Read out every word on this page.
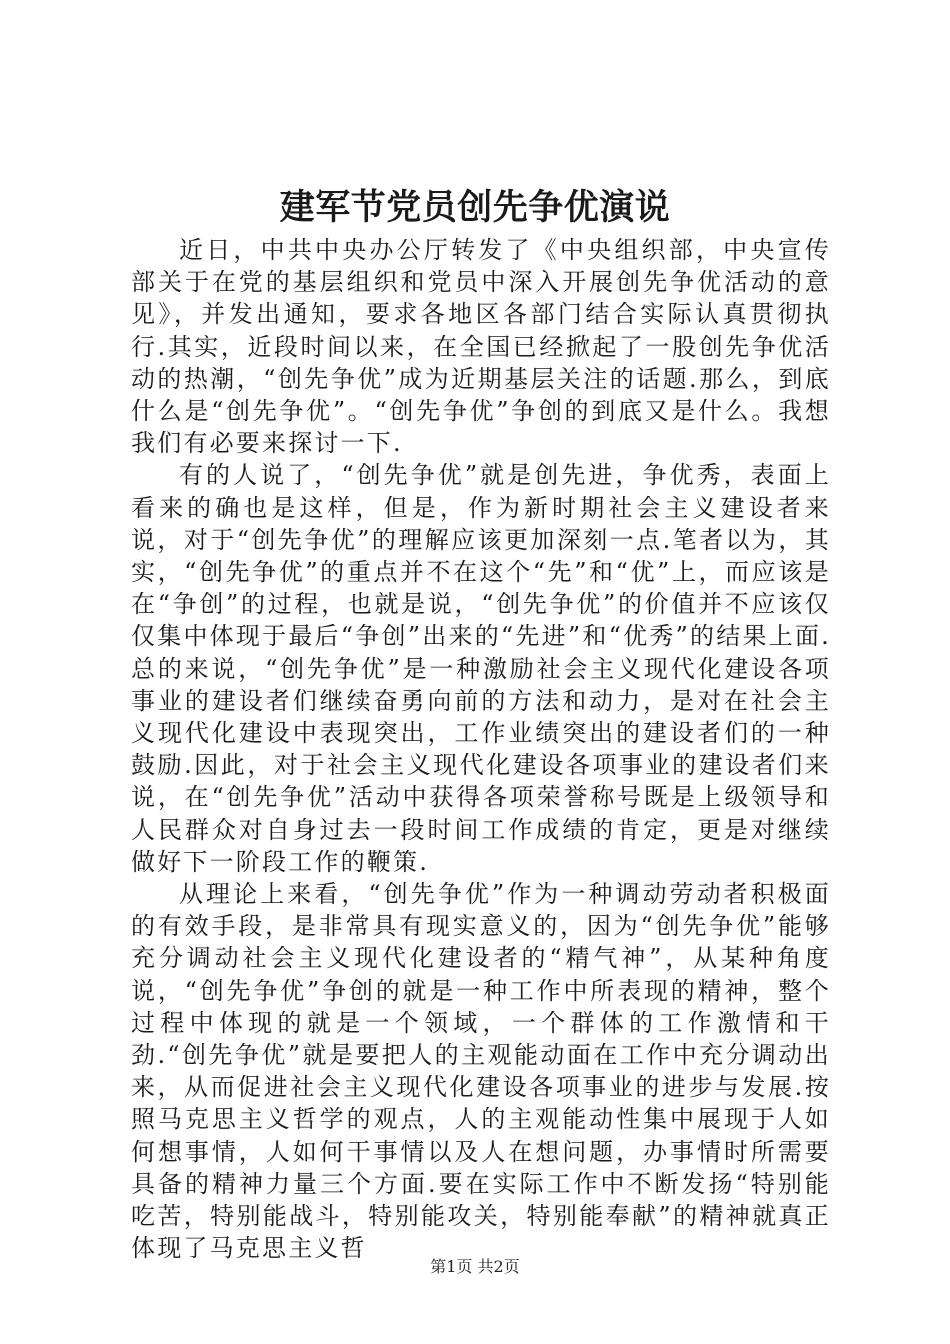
建军节党员创先争优演说

近日，中共中央办公厅转发了《中央组织部，中央宣传部关于在党的基层组织和党员中深入开展创先争优活动的意见》，并发出通知，要求各地区各部门结合实际认真贯彻执行.其实，近段时间以来，在全国已经掀起了一股创先争优活动的热潮，“创先争优”成为近期基层关注的话题.那么，到底什么是“创先争优”。“创先争优”争创的到底又是什么。我想我们有必要来探讨一下.

有的人说了，“创先争优”就是创先进，争优秀，表面上看来的确也是这样，但是，作为新时期社会主义建设者来说，对于“创先争优”的理解应该更加深刻一点.笔者以为，其实，“创先争优”的重点并不在这个“先”和“优”上，而应该是在“争创”的过程，也就是说，“创先争优”的价值并不应该仅仅集中体现于最后“争创”出来的“先进”和“优秀”的结果上面.总的来说，“创先争优”是一种激励社会主义现代化建设各项事业的建设者们继续奋勇向前的方法和动力，是对在社会主义现代化建设中表现突出，工作业绩突出的建设者们的一种鼓励.因此，对于社会主义现代化建设各项事业的建设者们来说，在“创先争优”活动中获得各项荣誉称号既是上级领导和人民群众对自身过去一段时间工作成绩的肯定，更是对继续做好下一阶段工作的鞭策.

从理论上来看，“创先争优”作为一种调动劳动者积极面的有效手段，是非常具有现实意义的，因为“创先争优”能够充分调动社会主义现代化建设者的“精气神”，从某种角度说，“创先争优”争创的就是一种工作中所表现的精神，整个过程中体现的就是一个领域，一个群体的工作激情和干劲.“创先争优”就是要把人的主观能动面在工作中充分调动出来，从而促进社会主义现代化建设各项事业的进步与发展.按照马克思主义哲学的观点，人的主观能动性集中展现于人如何想事情，人如何干事情以及人在想问题，办事情时所需要具备的精神力量三个方面.要在实际工作中不断发扬“特别能吃苦，特别能战斗，特别能攻关，特别能奉献”的精神就真正体现了马克思主义哲

第1页 共2页
